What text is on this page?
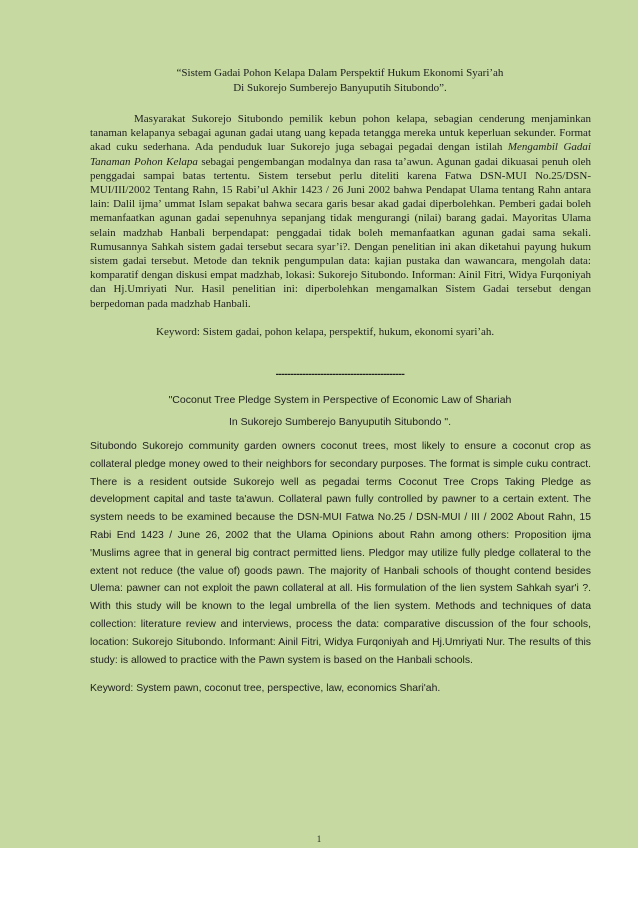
“Sistem Gadai Pohon Kelapa Dalam Perspektif Hukum Ekonomi Syari’ah
Di Sukorejo Sumberejo Banyuputih Situbondo”.

Masyarakat Sukorejo Situbondo pemilik kebun pohon kelapa, sebagian cenderung menjaminkan tanaman kelapanya sebagai agunan gadai utang uang kepada tetangga mereka untuk keperluan sekunder. Format akad cuku sederhana. Ada penduduk luar Sukorejo juga sebagai pegadai dengan istilah Mengambil Gadai Tanaman Pohon Kelapa sebagai pengembangan modalnya dan rasa ta’awun. Agunan gadai dikuasai penuh oleh penggadai sampai batas tertentu. Sistem tersebut perlu diteliti karena Fatwa DSN-MUI No.25/DSN-MUI/III/2002 Tentang Rahn, 15 Rabi’ul Akhir 1423 / 26 Juni 2002 bahwa Pendapat Ulama tentang Rahn antara lain: Dalil ijma’ ummat Islam sepakat bahwa secara garis besar akad gadai diperbolehkan. Pemberi gadai boleh memanfaatkan agunan gadai sepenuhnya sepanjang tidak mengurangi (nilai) barang gadai. Mayoritas Ulama selain madzhab Hanbali berpendapat: penggadai tidak boleh memanfaatkan agunan gadai sama sekali. Rumusannya Sahkah sistem gadai tersebut secara syar’i?. Dengan penelitian ini akan diketahui payung hukum sistem gadai tersebut. Metode dan teknik pengumpulan data: kajian pustaka dan wawancara, mengolah data: komparatif dengan diskusi empat madzhab, lokasi: Sukorejo Situbondo. Informan: Ainil Fitri, Widya Furqoniyah dan Hj.Umriyati Nur. Hasil penelitian ini: diperbolehkan mengamalkan Sistem Gadai tersebut dengan berpedoman pada madzhab Hanbali.

Keyword: Sistem gadai, pohon kelapa, perspektif, hukum, ekonomi syari’ah.
-------------------------------------------
"Coconut Tree Pledge System in Perspective of Economic Law of Shariah
In Sukorejo Sumberejo Banyuputih Situbondo ".

Situbondo Sukorejo community garden owners coconut trees, most likely to ensure a coconut crop as collateral pledge money owed to their neighbors for secondary purposes. The format is simple cuku contract. There is a resident outside Sukorejo well as pegadai terms Coconut Tree Crops Taking Pledge as development capital and taste ta'awun. Collateral pawn fully controlled by pawner to a certain extent. The system needs to be examined because the DSN-MUI Fatwa No.25 / DSN-MUI / III / 2002 About Rahn, 15 Rabi End 1423 / June 26, 2002 that the Ulama Opinions about Rahn among others: Proposition ijma 'Muslims agree that in general big contract permitted liens. Pledgor may utilize fully pledge collateral to the extent not reduce (the value of) goods pawn. The majority of Hanbali schools of thought contend besides Ulema: pawner can not exploit the pawn collateral at all. His formulation of the lien system Sahkah syar'i ?. With this study will be known to the legal umbrella of the lien system. Methods and techniques of data collection: literature review and interviews, process the data: comparative discussion of the four schools, location: Sukorejo Situbondo. Informant: Ainil Fitri, Widya Furqoniyah and Hj.Umriyati Nur. The results of this study: is allowed to practice with the Pawn system is based on the Hanbali schools.

Keyword: System pawn, coconut tree, perspective, law, economics Shari'ah.
1
